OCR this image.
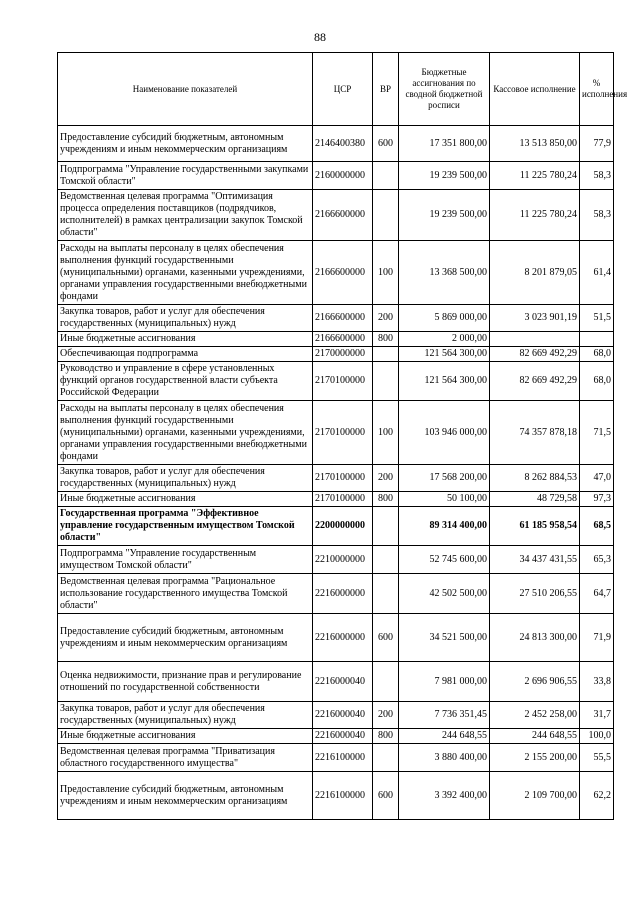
88
Наименование показателей	ЦСР	ВР	Бюджетные ассигнования по сводной бюджетной росписи	Кассовое исполнение	% исполнения
Предоставление субсидий бюджетным, автономным учреждениям и иным некоммерческим организациям	2146400380	600	17 351 800,00	13 513 850,00	77,9
Подпрограмма "Управление государственными закупками Томской области"	2160000000		19 239 500,00	11 225 780,24	58,3
Ведомственная целевая программа "Оптимизация процесса определения поставщиков (подрядчиков, исполнителей) в рамках централизации закупок Томской области"	2166600000		19 239 500,00	11 225 780,24	58,3
Расходы на выплаты персоналу в целях обеспечения выполнения функций государственными (муниципальными) органами, казенными учреждениями, органами управления государственными внебюджетными фондами	2166600000	100	13 368 500,00	8 201 879,05	61,4
Закупка товаров, работ и услуг для обеспечения государственных (муниципальных) нужд	2166600000	200	5 869 000,00	3 023 901,19	51,5
Иные бюджетные ассигнования	2166600000	800	2 000,00		
Обеспечивающая подпрограмма	2170000000		121 564 300,00	82 669 492,29	68,0
Руководство и управление в сфере установленных функций органов государственной власти субъекта Российской Федерации	2170100000		121 564 300,00	82 669 492,29	68,0
Расходы на выплаты персоналу в целях обеспечения выполнения функций государственными (муниципальными) органами, казенными учреждениями, органами управления государственными внебюджетными фондами	2170100000	100	103 946 000,00	74 357 878,18	71,5
Закупка товаров, работ и услуг для обеспечения государственных (муниципальных) нужд	2170100000	200	17 568 200,00	8 262 884,53	47,0
Иные бюджетные ассигнования	2170100000	800	50 100,00	48 729,58	97,3
Государственная программа "Эффективное управление государственным имуществом Томской области"	2200000000		89 314 400,00	61 185 958,54	68,5
Подпрограмма "Управление государственным имуществом Томской области"	2210000000		52 745 600,00	34 437 431,55	65,3
Ведомственная целевая программа "Рациональное использование государственного имущества Томской области"	2216000000		42 502 500,00	27 510 206,55	64,7
Предоставление субсидий бюджетным, автономным учреждениям и иным некоммерческим организациям	2216000000	600	34 521 500,00	24 813 300,00	71,9
Оценка недвижимости, признание прав и регулирование отношений по государственной собственности	2216000040		7 981 000,00	2 696 906,55	33,8
Закупка товаров, работ и услуг для обеспечения государственных (муниципальных) нужд	2216000040	200	7 736 351,45	2 452 258,00	31,7
Иные бюджетные ассигнования	2216000040	800	244 648,55	244 648,55	100,0
Ведомственная целевая программа "Приватизация областного государственного имущества"	2216100000		3 880 400,00	2 155 200,00	55,5
Предоставление субсидий бюджетным, автономным учреждениям и иным некоммерческим организациям	2216100000	600	3 392 400,00	2 109 700,00	62,2
